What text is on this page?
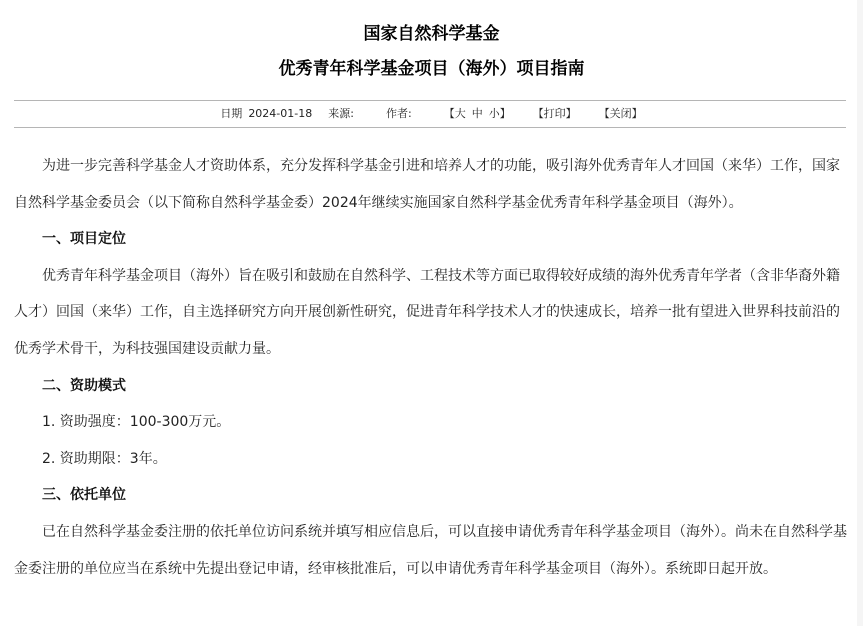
国家自然科学基金
优秀青年科学基金项目（海外）项目指南
日期 2024-01-18 来源:	作者:	【大 中 小】 【打印】 【关闭】

为进一步完善科学基金人才资助体系，充分发挥科学基金引进和培养人才的功能，吸引海外优秀青年人才回国（来华）工作，国家自然科学基金委员会（以下简称自然科学基金委）2024年继续实施国家自然科学基金优秀青年科学基金项目（海外）。

一、项目定位

优秀青年科学基金项目（海外）旨在吸引和鼓励在自然科学、工程技术等方面已取得较好成绩的海外优秀青年学者（含非华裔外籍人才）回国（来华）工作，自主选择研究方向开展创新性研究，促进青年科学技术人才的快速成长，培养一批有望进入世界科技前沿的优秀学术骨干，为科技强国建设贡献力量。

二、资助模式

1. 资助强度：100-300万元。

2. 资助期限：3年。

三、依托单位

已在自然科学基金委注册的依托单位访问系统并填写相应信息后，可以直接申请优秀青年科学基金项目（海外）。尚未在自然科学基金委注册的单位应当在系统中先提出登记申请，经审核批准后，可以申请优秀青年科学基金项目（海外）。系统即日起开放。
